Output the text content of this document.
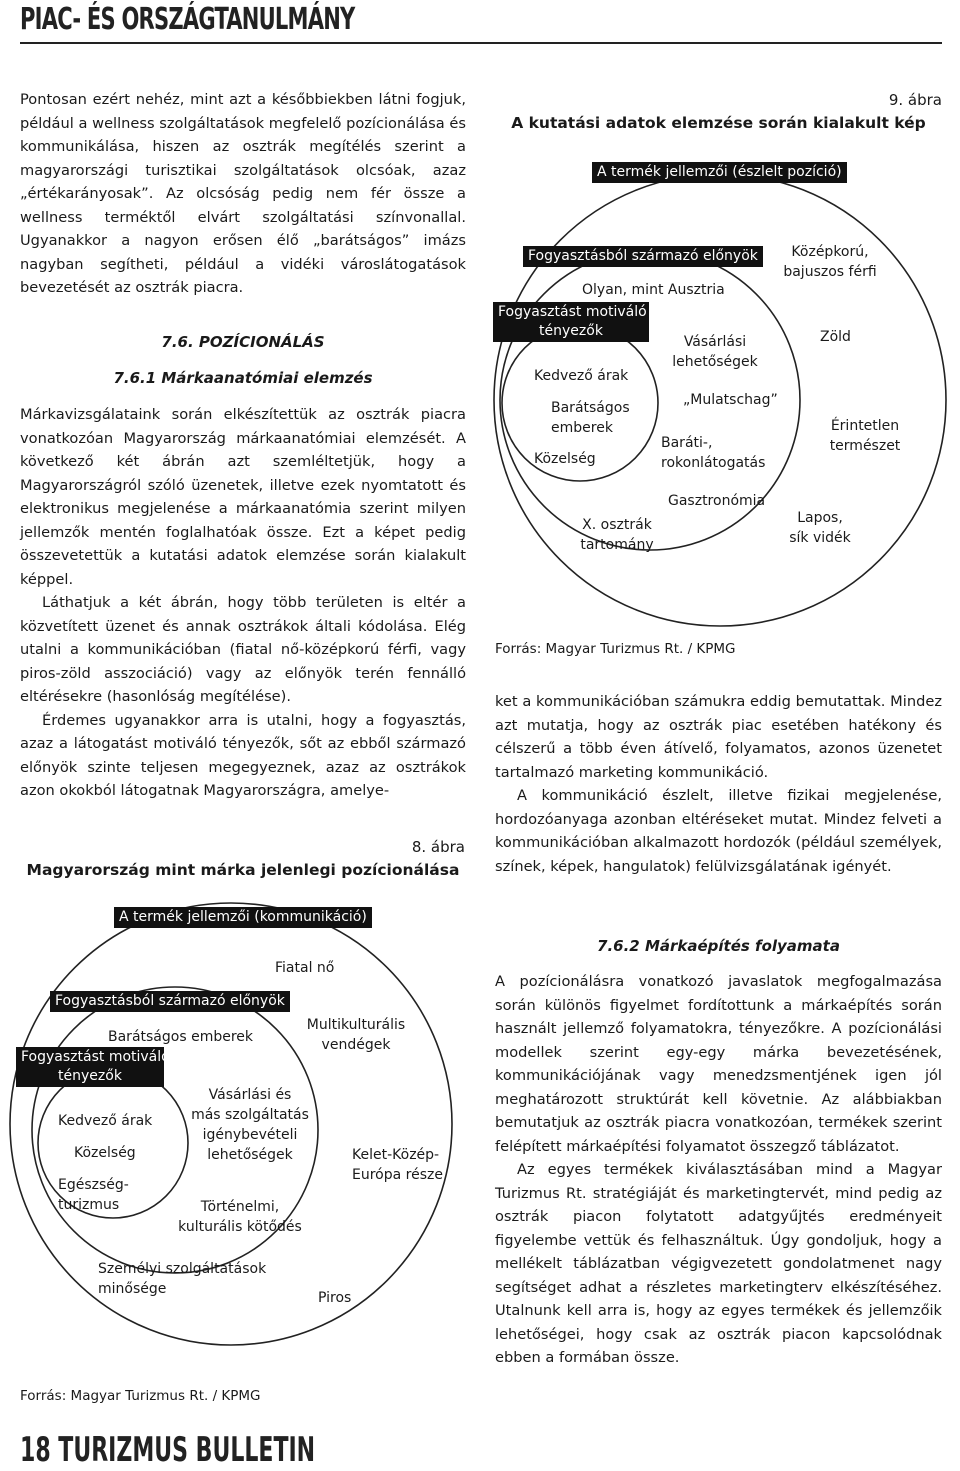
PIAC- ÉS ORSZÁGTANULMÁNY

Pontosan ezért nehéz, mint azt a későbbiekben látni fogjuk, például a wellness szolgáltatások megfelelő pozícionálása és kommunikálása, hiszen az osztrák megítélés szerint a magyarországi turisztikai szolgáltatások olcsóak, azaz „értékarányosak”. Az olcsóság pedig nem fér össze a wellness terméktől elvárt szolgáltatási színvonallal. Ugyanakkor a nagyon erősen élő „barátságos” imázs nagyban segítheti, például a vidéki városlátogatások bevezetését az osztrák piacra.

7.6. POZÍCIONÁLÁS
7.6.1 Márkaanatómiai elemzés

Márkavizsgálataink során elkészítettük az osztrák piacra vonatkozóan Magyarország márkaanatómiai elemzését. A következő két ábrán azt szemléltetjük, hogy a Magyarországról szóló üzenetek, illetve ezek nyomtatott és elektronikus megjelenése a márkaanatómia szerint milyen jellemzők mentén foglalhatóak össze. Ezt a képet pedig összevetettük a kutatási adatok elemzése során kialakult képpel.

Láthatjuk a két ábrán, hogy több területen is eltér a közvetített üzenet és annak osztrákok általi kódolása. Elég utalni a kommunikációban (fiatal nő-középkorú férfi, vagy piros-zöld asszociáció) vagy az előnyök terén fennálló eltérésekre (hasonlóság megítélése).

Érdemes ugyanakkor arra is utalni, hogy a fogyasztás, azaz a látogatást motiváló tényezők, sőt az ebből származó előnyök szinte teljesen megegyeznek, azaz az osztrákok azon okokból látogatnak Magyarországra, amelye-

8. ábra
Magyarország mint márka jelenlegi pozícionálása
A termék jellemzői (kommunikáció)
Fogyasztásból származó előnyök
Fogyasztást motiváló
tényezők
Fiatal nő
Multikulturális
vendégek
Barátságos emberek
Vásárlási és
más szolgáltatás
igénybevételi
lehetőségek
Kedvező árak
Közelség	Kelet-Közép-
Európa része
Egészség-
turizmus	Történelmi,
kulturális kötődés
Személyi szolgáltatások
minősége
Piros
Forrás: Magyar Turizmus Rt. / KPMG
9. ábra
A kutatási adatok elemzése során kialakult kép
A termék jellemzői (észlelt pozíció)
Fogyasztásból származó előnyök
Fogyasztást motiváló
tényezők
Középkorú,
bajuszos férfi
Olyan, mint Ausztria
Zöld
Vásárlási
lehetőségek
Kedvező árak
„Mulatschag”
Barátságos
emberek	Érintetlen
természet
Baráti-,
rokonlátogatás
Közelség
Gasztronómia
Lapos,
sík vidék
X. osztrák
tartomány
Forrás: Magyar Turizmus Rt. / KPMG

ket a kommunikációban számukra eddig bemutattak. Mindez azt mutatja, hogy az osztrák piac esetében hatékony és célszerű a több éven átívelő, folyamatos, azonos üzenetet tartalmazó marketing kommunikáció.

A kommunikáció észlelt, illetve fizikai megjelenése, hordozóanyaga azonban eltéréseket mutat. Mindez felveti a kommunikációban alkalmazott hordozók (például személyek, színek, képek, hangulatok) felülvizsgálatának igényét.

7.6.2 Márkaépítés folyamata

A pozícionálásra vonatkozó javaslatok megfogalmazása során különös figyelmet fordítottunk a márkaépítés során használt jellemző folyamatokra, tényezőkre. A pozícionálási modellek szerint egy-egy márka bevezetésének, kommunikációjának vagy menedzsmentjének igen jól meghatározott struktúrát kell követnie. Az alábbiakban bemutatjuk az osztrák piacra vonatkozóan, termékek szerint felépített márkaépítési folyamatot összegző táblázatot.

Az egyes termékek kiválasztásában mind a Magyar Turizmus Rt. stratégiáját és marketingtervét, mind pedig az osztrák piacon folytatott adatgyűjtés eredményeit figyelembe vettük és felhasználtuk. Úgy gondoljuk, hogy a mellékelt táblázatban végigvezetett gondolatmenet nagy segítséget adhat a részletes marketingterv elkészítéséhez. Utalnunk kell arra is, hogy az egyes termékek és jellemzőik lehetőségei, hogy csak az osztrák piacon kapcsolódnak ebben a formában össze.

18 TURIZMUS BULLETIN
